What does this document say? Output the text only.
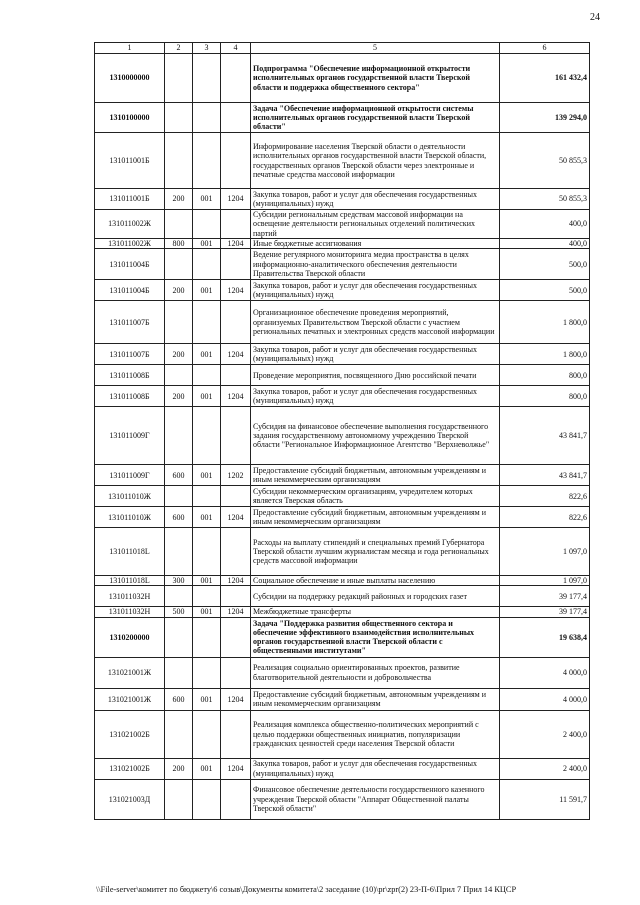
24
1	2	3	4	5	6
1310000000				Подпрограмма "Обеспечение информационной открытости исполнительных органов государственной власти Тверской области и поддержка общественного сектора"	161 432,4
1310100000				Задача "Обеспечение информационной открытости системы исполнительных органов государственной власти Тверской области"	139 294,0
131011001Б				Информирование населения Тверской области о деятельности исполнительных органов государственной власти Тверской области, государственных органов Тверской области через электронные и печатные средства массовой информации	50 855,3
131011001Б	200	001	1204	Закупка товаров, работ и услуг для обеспечения государственных (муниципальных) нужд	50 855,3
131011002Ж				Субсидии региональным средствам массовой информации на освещение деятельности региональных отделений политических партий	400,0
131011002Ж	800	001	1204	Иные бюджетные ассигнования	400,0
131011004Б				Ведение регулярного мониторинга медиа пространства в целях информационно-аналитического обеспечения деятельности Правительства Тверской области	500,0
131011004Б	200	001	1204	Закупка товаров, работ и услуг для обеспечения государственных (муниципальных) нужд	500,0
131011007Б				Организационное обеспечение проведения мероприятий, организуемых Правительством Тверской области с участием региональных печатных и электронных средств массовой информации	1 800,0
131011007Б	200	001	1204	Закупка товаров, работ и услуг для обеспечения государственных (муниципальных) нужд	1 800,0
131011008Б				Проведение мероприятия, посвященного Дню российской печати	800,0
131011008Б	200	001	1204	Закупка товаров, работ и услуг для обеспечения государственных (муниципальных) нужд	800,0
131011009Г				Субсидия на финансовое обеспечение выполнения государственного задания государственному автономному учреждению Тверской области "Региональное Информационное Агентство "Верхневолжье"	43 841,7
131011009Г	600	001	1202	Предоставление субсидий бюджетным, автономным учреждениям и иным некоммерческим организациям	43 841,7
131011010Ж				Субсидии некоммерческим организациям, учредителем которых является Тверская область	822,6
131011010Ж	600	001	1204	Предоставление субсидий бюджетным, автономным учреждениям и иным некоммерческим организациям	822,6
131011018L				Расходы на выплату стипендий и специальных премий Губернатора Тверской области лучшим журналистам месяца и года региональных средств массовой информации	1 097,0
131011018L	300	001	1204	Социальное обеспечение и иные выплаты населению	1 097,0
131011032Н				Субсидии на поддержку редакций районных и городских газет	39 177,4
131011032Н	500	001	1204	Межбюджетные трансферты	39 177,4
1310200000				Задача "Поддержка развития общественного сектора и обеспечение эффективного взаимодействия исполнительных органов государственной власти Тверской области с общественными институтами"	19 638,4
131021001Ж				Реализация социально ориентированных проектов, развитие благотворительной деятельности и добровольчества	4 000,0
131021001Ж	600	001	1204	Предоставление субсидий бюджетным, автономным учреждениям и иным некоммерческим организациям	4 000,0
131021002Б				Реализация комплекса общественно-политических мероприятий с целью поддержки общественных инициатив, популяризации гражданских ценностей среди населения Тверской области	2 400,0
131021002Б	200	001	1204	Закупка товаров, работ и услуг для обеспечения государственных (муниципальных) нужд	2 400,0
131021003Д				Финансовое обеспечение деятельности государственного казенного учреждения Тверской области "Аппарат Общественной палаты Тверской области"	11 591,7
\\File-server\комитет по бюджету\6 созыв\Документы комитета\2 заседание (10)\pr\zpr(2) 23-П-6\Прил 7 Прил 14 КЦСР
